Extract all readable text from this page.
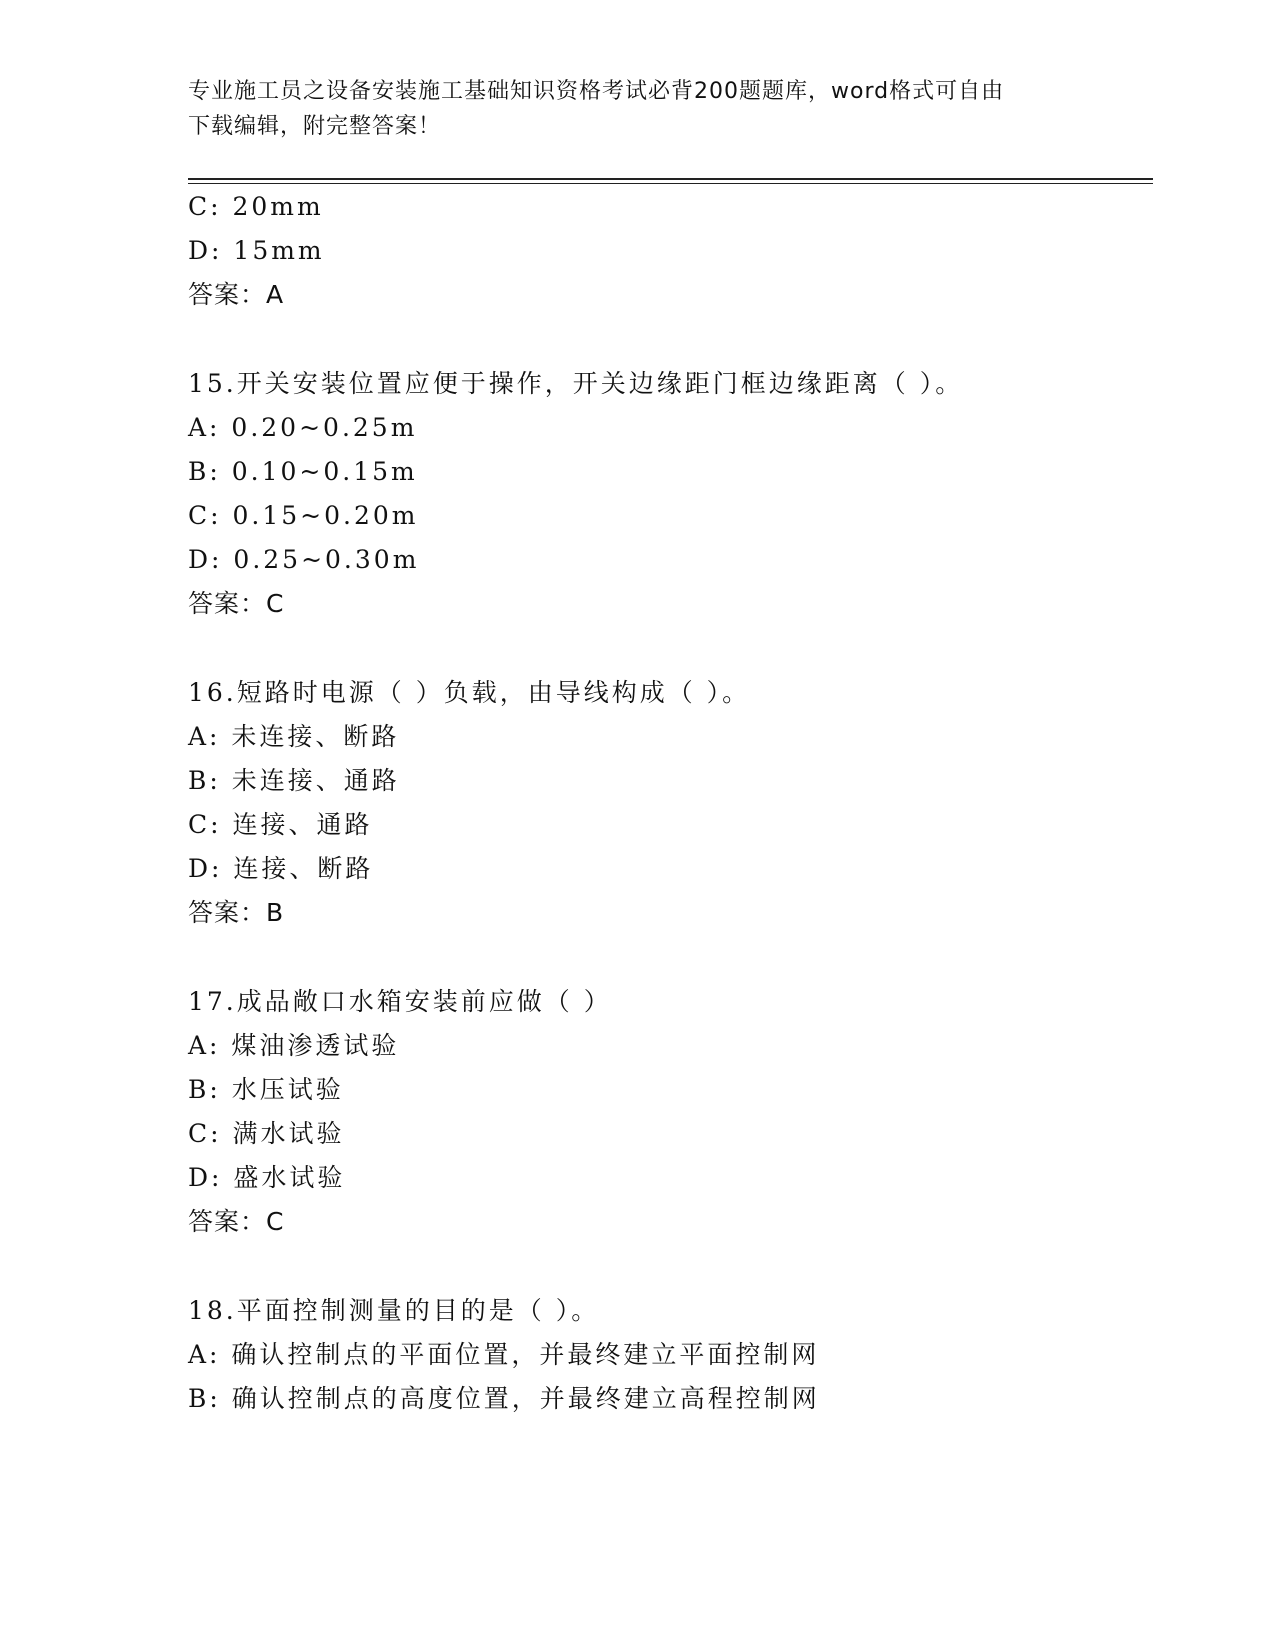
专业施工员之设备安装施工基础知识资格考试必背200题题库，word格式可自由
下载编辑，附完整答案！
C: 20mm
D: 15mm
答案：A
15.开关安装位置应便于操作，开关边缘距门框边缘距离（ ）。
A: 0.20~0.25m
B: 0.10~0.15m
C: 0.15~0.20m
D: 0.25~0.30m
答案：C
16.短路时电源（ ）负载，由导线构成（ ）。
A: 未连接、断路
B: 未连接、通路
C: 连接、通路
D: 连接、断路
答案：B
17.成品敞口水箱安装前应做（ ）
A: 煤油渗透试验
B: 水压试验
C: 满水试验
D: 盛水试验
答案：C
18.平面控制测量的目的是（ ）。
A: 确认控制点的平面位置，并最终建立平面控制网
B: 确认控制点的高度位置，并最终建立高程控制网
